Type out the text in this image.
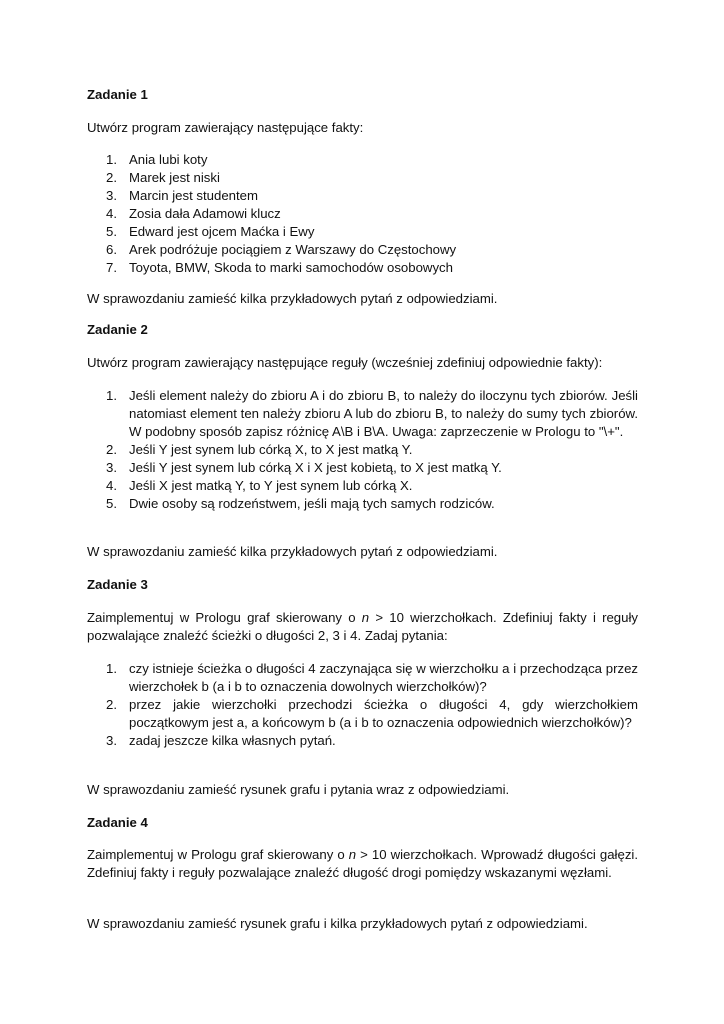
Zadanie 1

Utwórz program zawierający następujące fakty:

1. Ania lubi koty
2. Marek jest niski
3. Marcin jest studentem
4. Zosia dała Adamowi klucz
5. Edward jest ojcem Maćka i Ewy
6. Arek podróżuje pociągiem z Warszawy do Częstochowy
7. Toyota, BMW, Skoda to marki samochodów osobowych

W sprawozdaniu zamieść kilka przykładowych pytań z odpowiedziami.

Zadanie 2

Utwórz program zawierający następujące reguły (wcześniej zdefiniuj odpowiednie fakty):

1. Jeśli element należy do zbioru A i do zbioru B, to należy do iloczynu tych zbiorów. Jeśli natomiast element ten należy zbioru A lub do zbioru B, to należy do sumy tych zbiorów. W podobny sposób zapisz różnicę A\B i B\A. Uwaga: zaprzeczenie w Prologu to "\+".
2. Jeśli Y jest synem lub córką X, to X jest matką Y.
3. Jeśli Y jest synem lub córką X i X jest kobietą, to X jest matką Y.
4. Jeśli X jest matką Y, to Y jest synem lub córką X.
5. Dwie osoby są rodzeństwem, jeśli mają tych samych rodziców.

W sprawozdaniu zamieść kilka przykładowych pytań z odpowiedziami.

Zadanie 3

Zaimplementuj w Prologu graf skierowany o n > 10 wierzchołkach. Zdefiniuj fakty i reguły pozwalające znaleźć ścieżki o długości 2, 3 i 4. Zadaj pytania:

1. czy istnieje ścieżka o długości 4 zaczynająca się w wierzchołku a i przechodząca przez wierzchołek b (a i b to oznaczenia dowolnych wierzchołków)?
2. przez jakie wierzchołki przechodzi ścieżka o długości 4, gdy wierzchołkiem początkowym jest a, a końcowym b (a i b to oznaczenia odpowiednich wierzchołków)?
3. zadaj jeszcze kilka własnych pytań.

W sprawozdaniu zamieść rysunek grafu i pytania wraz z odpowiedziami.

Zadanie 4

Zaimplementuj w Prologu graf skierowany o n > 10 wierzchołkach. Wprowadź długości gałęzi. Zdefiniuj fakty i reguły pozwalające znaleźć długość drogi pomiędzy wskazanymi węzłami.

W sprawozdaniu zamieść rysunek grafu i kilka przykładowych pytań z odpowiedziami.
